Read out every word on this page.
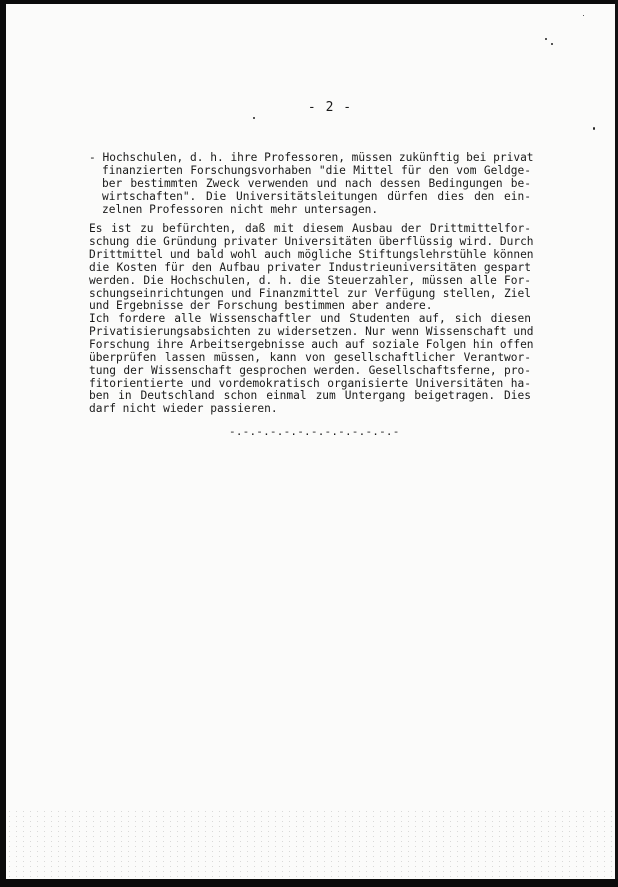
- 2 -
- Hochschulen, d. h. ihre Professoren, müssen zukünftig bei privat
finanzierten Forschungsvorhaben "die Mittel für den vom Geldge-
ber bestimmten Zweck verwenden und nach dessen Bedingungen be-
wirtschaften". Die Universitätsleitungen dürfen dies den ein-
zelnen Professoren nicht mehr untersagen.
Es ist zu befürchten, daß mit diesem Ausbau der Drittmittelfor-
schung die Gründung privater Universitäten überflüssig wird. Durch
Drittmittel und bald wohl auch mögliche Stiftungslehrstühle können
die Kosten für den Aufbau privater Industrieuniversitäten gespart
werden. Die Hochschulen, d. h. die Steuerzahler, müssen alle For-
schungseinrichtungen und Finanzmittel zur Verfügung stellen, Ziel
und Ergebnisse der Forschung bestimmen aber andere.
Ich fordere alle Wissenschaftler und Studenten auf, sich diesen
Privatisierungsabsichten zu widersetzen. Nur wenn Wissenschaft und
Forschung ihre Arbeitsergebnisse auch auf soziale Folgen hin offen
überprüfen lassen müssen, kann von gesellschaftlicher Verantwor-
tung der Wissenschaft gesprochen werden. Gesellschaftsferne, pro-
fitorientierte und vordemokratisch organisierte Universitäten ha-
ben in Deutschland schon einmal zum Untergang beigetragen. Dies
darf nicht wieder passieren.
-.-.-.-.-.-.-.-.-.-.-.-.-
